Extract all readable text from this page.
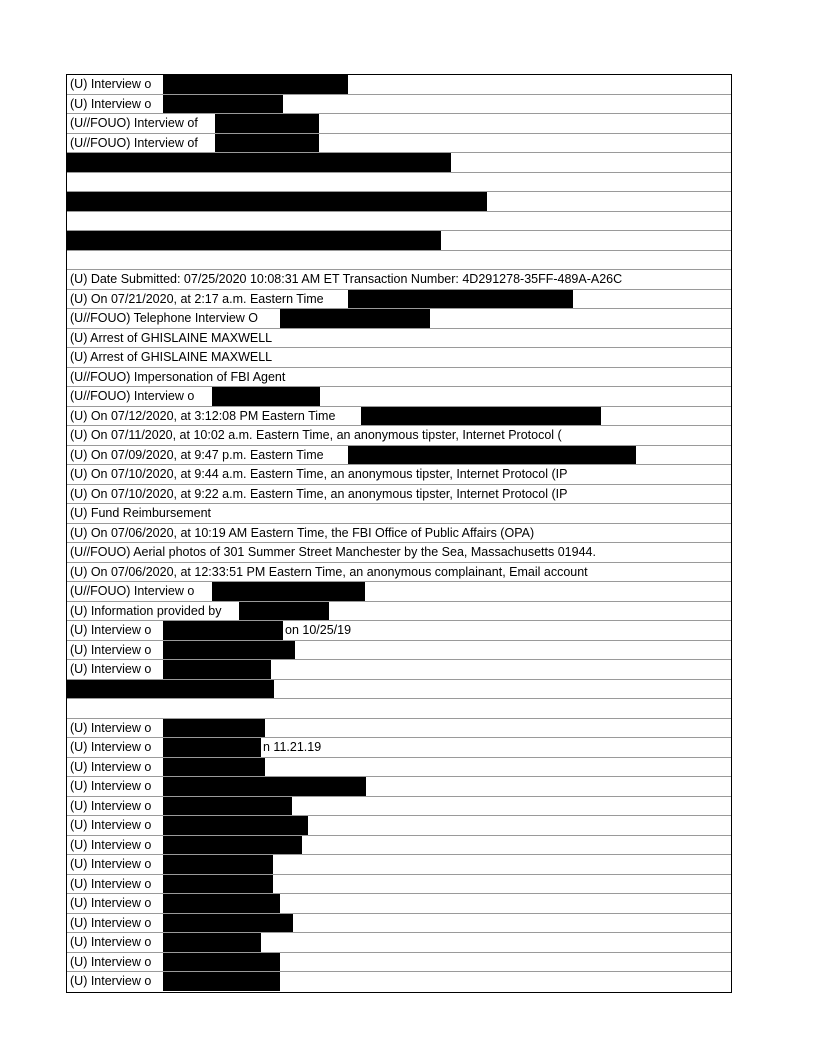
(U) Interview o
(U) Interview o
(U//FOUO) Interview of
(U//FOUO) Interview of
(U) Date Submitted: 07/25/2020 10:08:31 AM ET Transaction Number: 4D291278-35FF-489A-A26C
(U) On 07/21/2020, at 2:17 a.m. Eastern Time
(U//FOUO) Telephone Interview O
(U) Arrest of GHISLAINE MAXWELL
(U) Arrest of GHISLAINE MAXWELL
(U//FOUO) Impersonation of FBI Agent
(U//FOUO) Interview o
(U) On 07/12/2020, at 3:12:08 PM Eastern Time
(U) On 07/11/2020, at 10:02 a.m. Eastern Time, an anonymous tipster, Internet Protocol (
(U) On 07/09/2020, at 9:47 p.m. Eastern Time
(U) On 07/10/2020, at 9:44 a.m. Eastern Time, an anonymous tipster, Internet Protocol (IP
(U) On 07/10/2020, at 9:22 a.m. Eastern Time, an anonymous tipster, Internet Protocol (IP
(U) Fund Reimbursement
(U) On 07/06/2020, at 10:19 AM Eastern Time, the FBI Office of Public Affairs (OPA)
(U//FOUO) Aerial photos of 301 Summer Street Manchester by the Sea, Massachusetts 01944.
(U) On 07/06/2020, at 12:33:51 PM Eastern Time, an anonymous complainant, Email account
(U//FOUO) Interview o
(U) Information provided by
(U) Interview o	on 10/25/19
(U) Interview o
(U) Interview o
(U) Interview o
(U) Interview o	n 11.21.19
(U) Interview o
(U) Interview o
(U) Interview o
(U) Interview o
(U) Interview o
(U) Interview o
(U) Interview o
(U) Interview o
(U) Interview o
(U) Interview o
(U) Interview o
(U) Interview o
